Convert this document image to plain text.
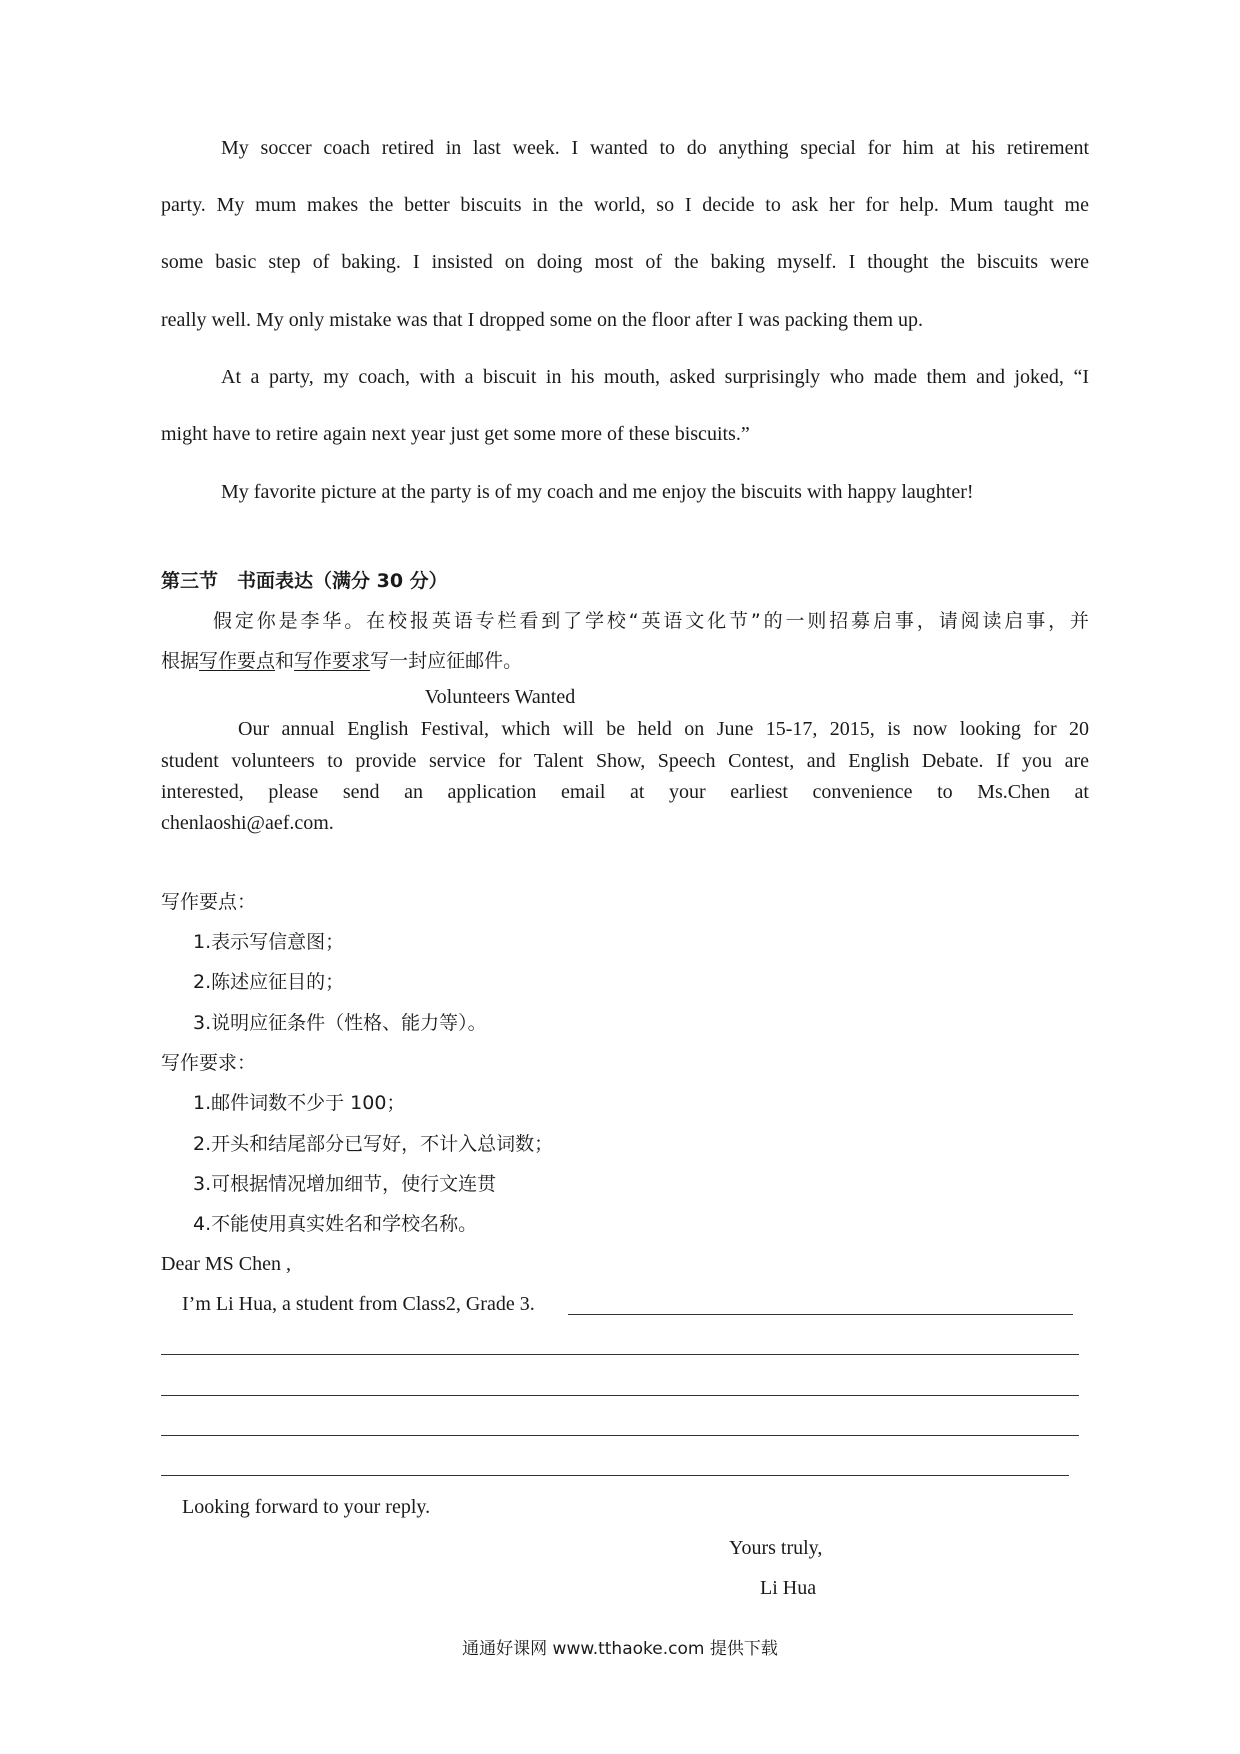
My soccer coach retired in last week. I wanted to do anything special for him at his retirement
party. My mum makes the better biscuits in the world, so I decide to ask her for help. Mum taught me
some basic step of baking. I insisted on doing most of the baking myself. I thought the biscuits were
really well. My only mistake was that I dropped some on the floor after I was packing them up.
At a party, my coach, with a biscuit in his mouth, asked surprisingly who made them and joked, “I
might have to retire again next year just get some more of these biscuits.”
My favorite picture at the party is of my coach and me enjoy the biscuits with happy laughter!
第三节　书面表达（满分 30 分）
假定你是李华。在校报英语专栏看到了学校“英语文化节”的一则招募启事，请阅读启事，并
根据写作要点和写作要求写一封应征邮件。
Volunteers Wanted
Our annual English Festival, which will be held on June 15-17, 2015, is now looking for 20
student volunteers to provide service for Talent Show, Speech Contest, and English Debate. If you are
interested, please send an application email at your earliest convenience to Ms.Chen at
chenlaoshi@aef.com.
写作要点：
1.表示写信意图；
2.陈述应征目的；
3.说明应征条件（性格、能力等）。
写作要求：
1.邮件词数不少于 100；
2.开头和结尾部分已写好，不计入总词数；
3.可根据情况增加细节，使行文连贯
4.不能使用真实姓名和学校名称。
Dear MS Chen ,
I’m Li Hua, a student from Class2, Grade 3.
Looking forward to your reply.
Yours truly,
Li Hua
通通好课网 www.tthaoke.com 提供下载
